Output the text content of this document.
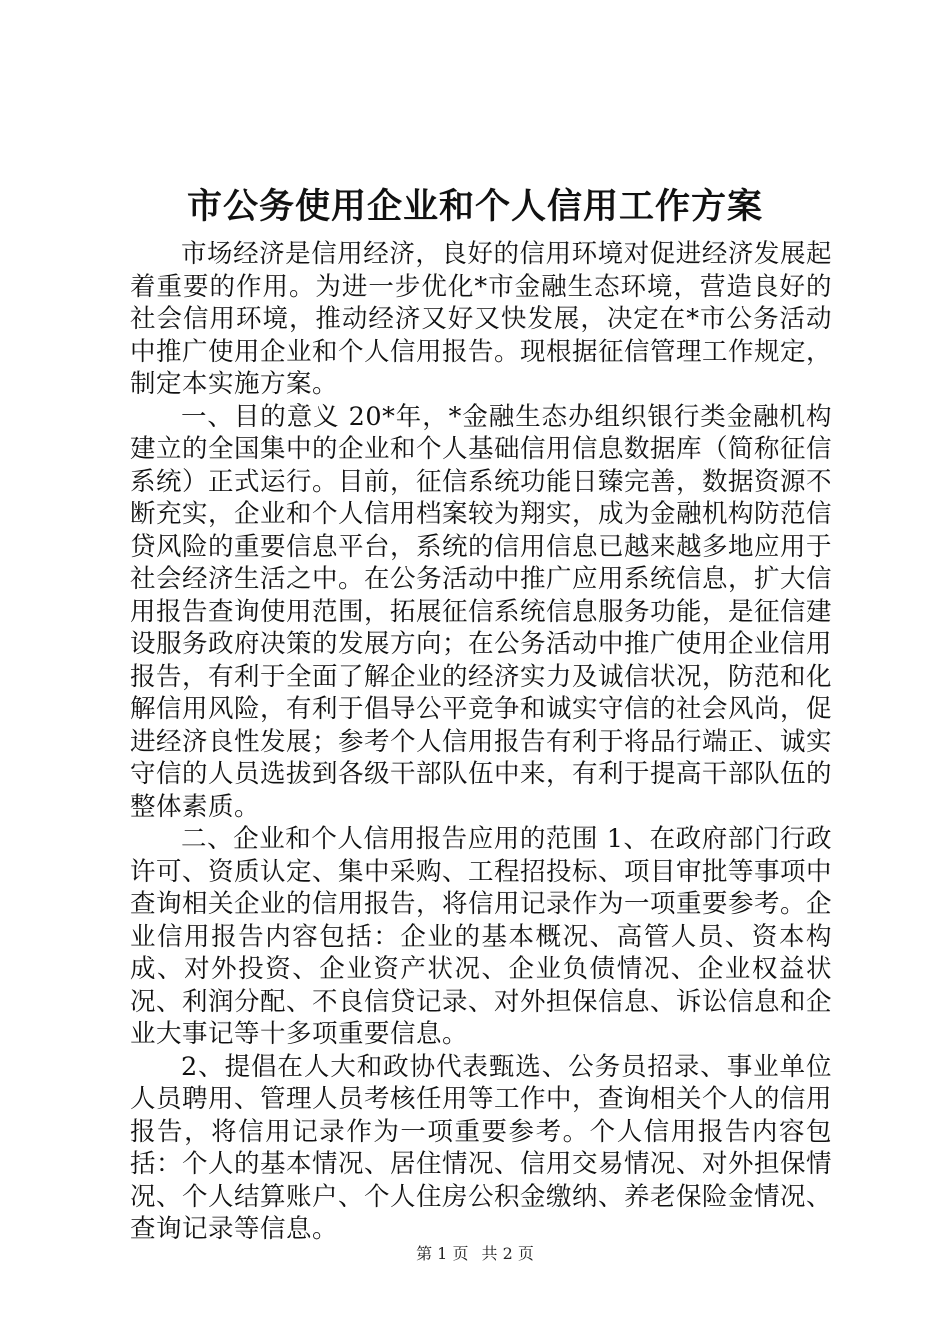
市公务使用企业和个人信用工作方案

市场经济是信用经济，良好的信用环境对促进经济发展起着重要的作用。为进一步优化*市金融生态环境，营造良好的社会信用环境，推动经济又好又快发展，决定在*市公务活动中推广使用企业和个人信用报告。现根据征信管理工作规定，制定本实施方案。

一、目的意义 20*年，*金融生态办组织银行类金融机构建立的全国集中的企业和个人基础信用信息数据库（简称征信系统）正式运行。目前，征信系统功能日臻完善，数据资源不断充实，企业和个人信用档案较为翔实，成为金融机构防范信贷风险的重要信息平台，系统的信用信息已越来越多地应用于社会经济生活之中。在公务活动中推广应用系统信息，扩大信用报告查询使用范围，拓展征信系统信息服务功能，是征信建设服务政府决策的发展方向；在公务活动中推广使用企业信用报告，有利于全面了解企业的经济实力及诚信状况，防范和化解信用风险，有利于倡导公平竞争和诚实守信的社会风尚，促进经济良性发展；参考个人信用报告有利于将品行端正、诚实守信的人员选拔到各级干部队伍中来，有利于提高干部队伍的整体素质。

二、企业和个人信用报告应用的范围 1、在政府部门行政许可、资质认定、集中采购、工程招投标、项目审批等事项中查询相关企业的信用报告，将信用记录作为一项重要参考。企业信用报告内容包括：企业的基本概况、高管人员、资本构成、对外投资、企业资产状况、企业负债情况、企业权益状况、利润分配、不良信贷记录、对外担保信息、诉讼信息和企业大事记等十多项重要信息。

2、提倡在人大和政协代表甄选、公务员招录、事业单位人员聘用、管理人员考核任用等工作中，查询相关个人的信用报告，将信用记录作为一项重要参考。个人信用报告内容包括：个人的基本情况、居住情况、信用交易情况、对外担保情况、个人结算账户、个人住房公积金缴纳、养老保险金情况、查询记录等信息。

第 1 页 共 2 页
